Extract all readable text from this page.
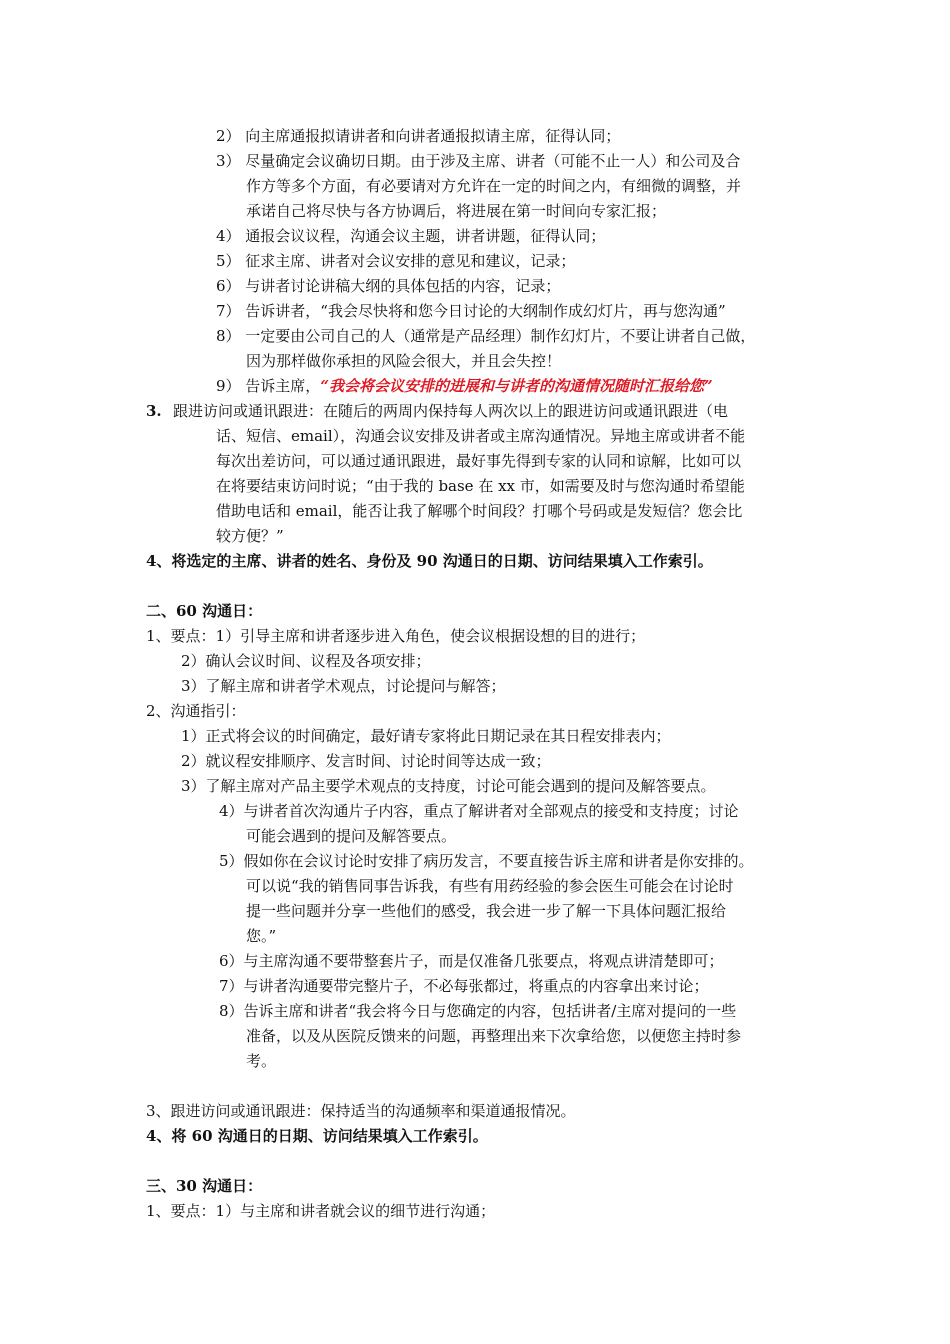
2） 向主席通报拟请讲者和向讲者通报拟请主席，征得认同；
3） 尽量确定会议确切日期。由于涉及主席、讲者（可能不止一人）和公司及合
作方等多个方面，有必要请对方允许在一定的时间之内，有细微的调整，并
承诺自己将尽快与各方协调后，将进展在第一时间向专家汇报；
4） 通报会议议程，沟通会议主题，讲者讲题，征得认同；
5） 征求主席、讲者对会议安排的意见和建议，记录；
6） 与讲者讨论讲稿大纲的具体包括的内容，记录；
7） 告诉讲者，“我会尽快将和您今日讨论的大纲制作成幻灯片，再与您沟通”
8） 一定要由公司自己的人（通常是产品经理）制作幻灯片，不要让讲者自己做，
因为那样做你承担的风险会很大，并且会失控！
9） 告诉主席，“我会将会议安排的进展和与讲者的沟通情况随时汇报给您”
3. 跟进访问或通讯跟进：在随后的两周内保持每人两次以上的跟进访问或通讯跟进（电
话、短信、email），沟通会议安排及讲者或主席沟通情况。异地主席或讲者不能
每次出差访问，可以通过通讯跟进，最好事先得到专家的认同和谅解，比如可以
在将要结束访问时说；“由于我的 base 在 xx 市，如需要及时与您沟通时希望能
借助电话和 email，能否让我了解哪个时间段？打哪个号码或是发短信？您会比
较方便？”
4、将选定的主席、讲者的姓名、身份及 90 沟通日的日期、访问结果填入工作索引。
二、60 沟通日：
1、要点：1）引导主席和讲者逐步进入角色，使会议根据设想的目的进行；
2）确认会议时间、议程及各项安排；
3）了解主席和讲者学术观点，讨论提问与解答；
2、沟通指引：
1）正式将会议的时间确定，最好请专家将此日期记录在其日程安排表内；
2）就议程安排顺序、发言时间、讨论时间等达成一致；
3）了解主席对产品主要学术观点的支持度，讨论可能会遇到的提问及解答要点。
4）与讲者首次沟通片子内容，重点了解讲者对全部观点的接受和支持度；讨论
可能会遇到的提问及解答要点。
5）假如你在会议讨论时安排了病历发言，不要直接告诉主席和讲者是你安排的。
可以说“我的销售同事告诉我，有些有用药经验的参会医生可能会在讨论时
提一些问题并分享一些他们的感受，我会进一步了解一下具体问题汇报给
您。”
6）与主席沟通不要带整套片子，而是仅准备几张要点，将观点讲清楚即可；
7）与讲者沟通要带完整片子，不必每张都过，将重点的内容拿出来讨论；
8）告诉主席和讲者“我会将今日与您确定的内容，包括讲者/主席对提问的一些
准备，以及从医院反馈来的问题，再整理出来下次拿给您，以便您主持时参
考。
3、跟进访问或通讯跟进：保持适当的沟通频率和渠道通报情况。
4、将 60 沟通日的日期、访问结果填入工作索引。
三、30 沟通日：
1、要点：1）与主席和讲者就会议的细节进行沟通；
